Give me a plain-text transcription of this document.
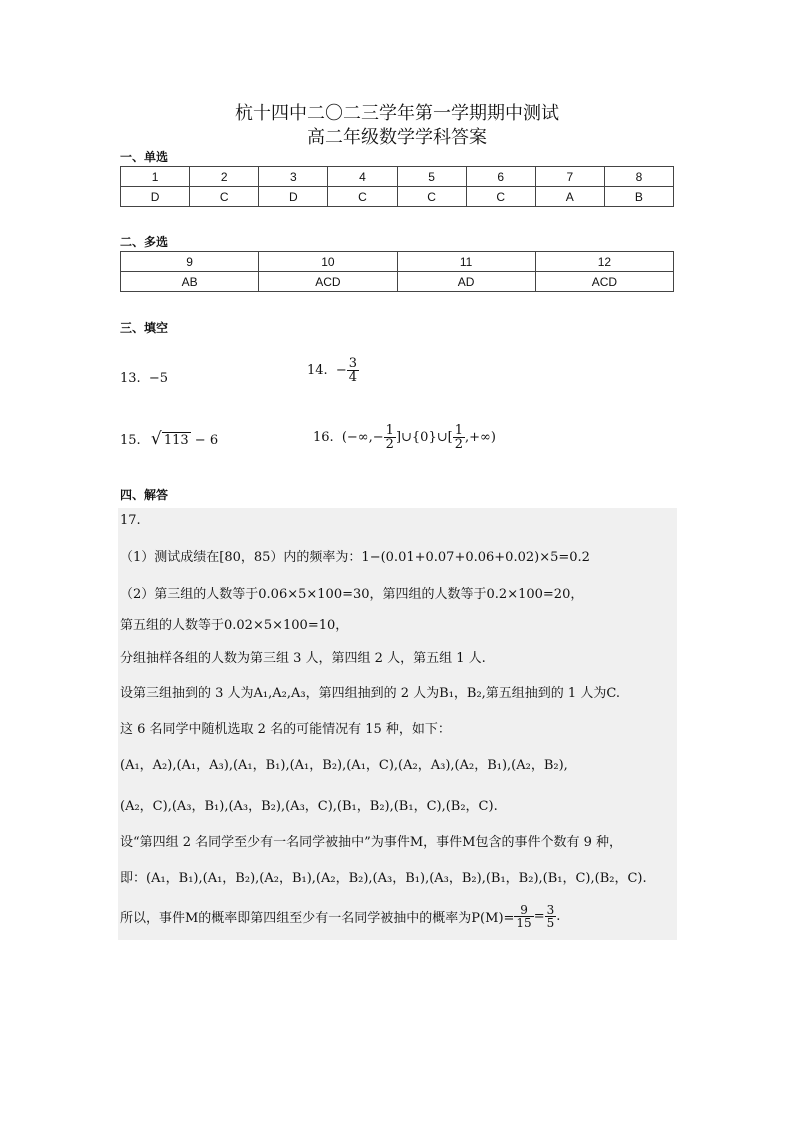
杭十四中二〇二三学年第一学期期中测试
高二年级数学学科答案
一、单选
1	2	3	4	5	6	7	8
D	C	D	C	C	C	A	B
二、多选
9	10	11	12
AB	ACD	AD	ACD
三、填空
13. −5
14. − $\frac{3}{4}$
15. √ 113 − 6	16. (−∞,− $\frac{1}{2}$ ]∪{0}∪[ $\frac{1}{2}$ ,+∞)
四、解答
17.
（1）测试成绩在[80，85）内的频率为：1−(0.01+0.07+0.06+0.02)×5=0.2
（2）第三组的人数等于0.06×5×100=30，第四组的人数等于0.2×100=20，
第五组的人数等于0.02×5×100=10，
分组抽样各组的人数为第三组 3 人，第四组 2 人，第五组 1 人.
设第三组抽到的 3 人为A₁,A₂,A₃，第四组抽到的 2 人为B₁，B₂,第五组抽到的 1 人为C.
这 6 名同学中随机选取 2 名的可能情况有 15 种，如下：
(A₁，A₂),(A₁，A₃),(A₁，B₁),(A₁，B₂),(A₁，C),(A₂，A₃),(A₂，B₁),(A₂，B₂),
(A₂，C),(A₃，B₁),(A₃，B₂),(A₃，C),(B₁，B₂),(B₁，C),(B₂，C).
设“第四组 2 名同学至少有一名同学被抽中”为事件M，事件M包含的事件个数有 9 种，
即：(A₁，B₁),(A₁，B₂),(A₂，B₁),(A₂，B₂),(A₃，B₁),(A₃，B₂),(B₁，B₂),(B₁，C),(B₂，C).
所以，事件M的概率即第四组至少有一名同学被抽中的概率为$P(M)= \frac{9}{15} = \frac{3}{5}$ .
